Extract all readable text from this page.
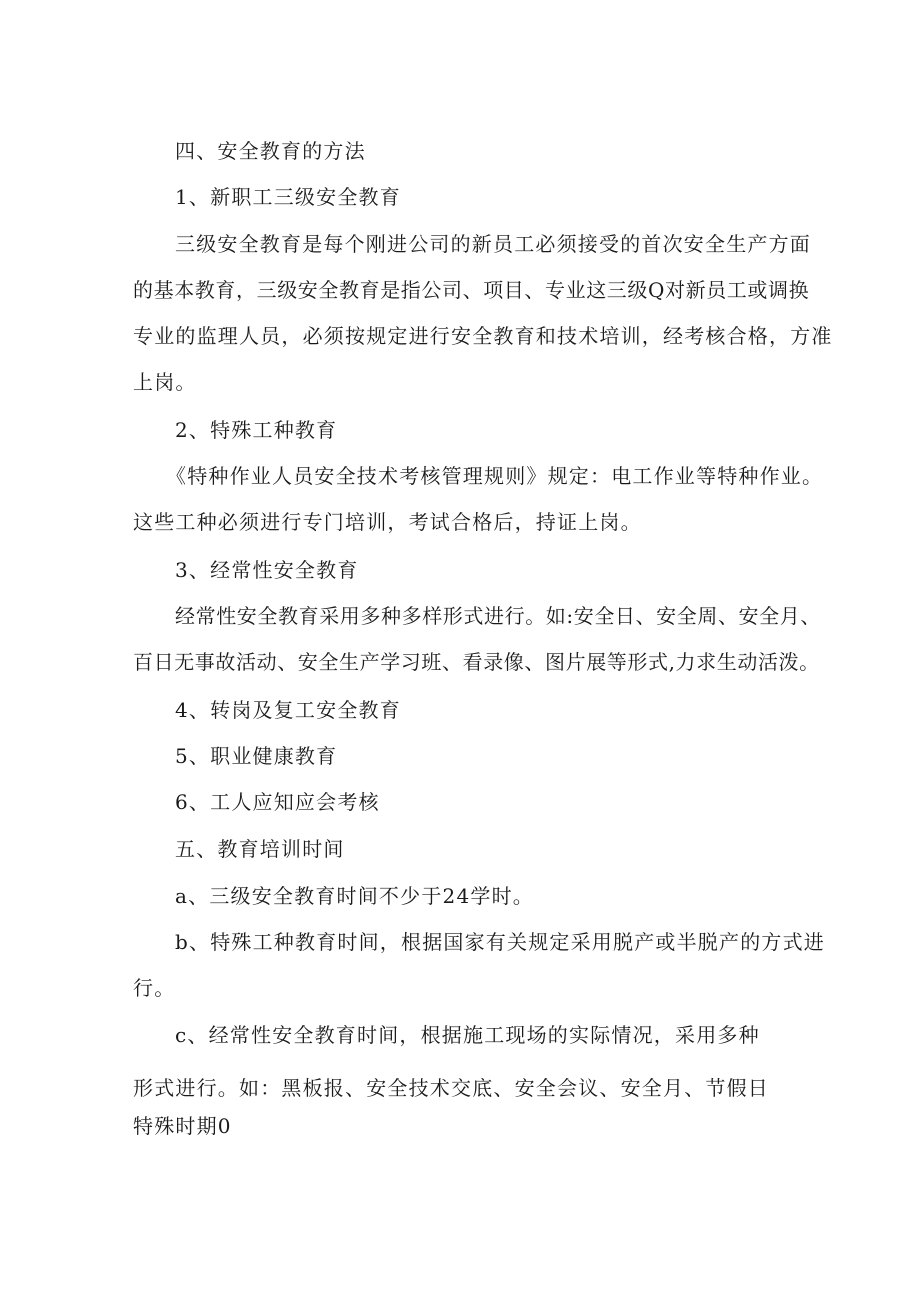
四、安全教育的方法

1、新职工三级安全教育

三级安全教育是每个刚进公司的新员工必须接受的首次安全生产方面

的基本教育，三级安全教育是指公司、项目、专业这三级Q对新员工或调换

专业的监理人员，必须按规定进行安全教育和技术培训，经考核合格，方准

上岗。

2、特殊工种教育

《特种作业人员安全技术考核管理规则》规定：电工作业等特种作业。

这些工种必须进行专门培训，考试合格后，持证上岗。

3、经常性安全教育

经常性安全教育采用多种多样形式进行。如:安全日、安全周、安全月、

百日无事故活动、安全生产学习班、看录像、图片展等形式,力求生动活泼。

4、转岗及复工安全教育

5、职业健康教育

6、工人应知应会考核

五、教育培训时间

a、三级安全教育时间不少于24学时。

b、特殊工种教育时间，根据国家有关规定采用脱产或半脱产的方式进

行。

c、经常性安全教育时间，根据施工现场的实际情况，采用多种

形式进行。如：黑板报、安全技术交底、安全会议、安全月、节假日

特殊时期0
